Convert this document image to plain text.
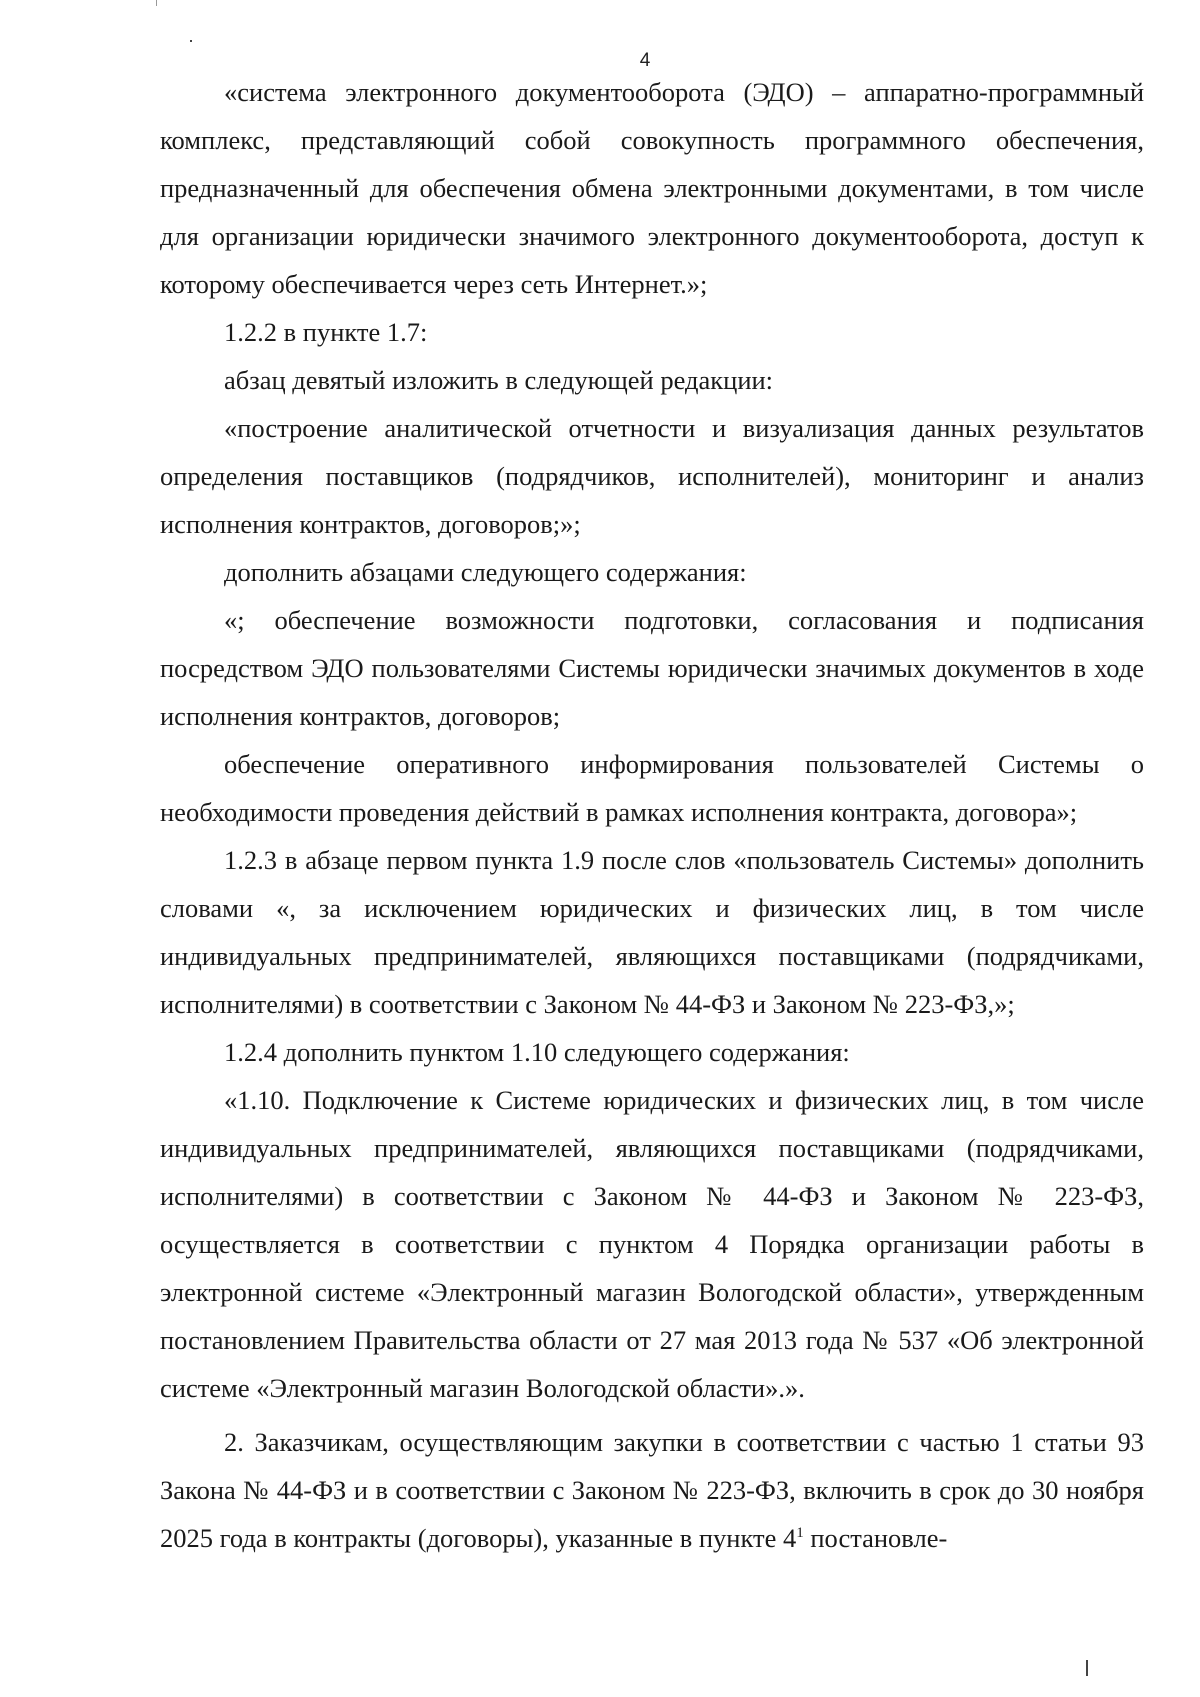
4

«система электронного документооборота (ЭДО) – аппаратно-программный комплекс, представляющий собой совокупность программного обеспечения, предназначенный для обеспечения обмена электронными документами, в том числе для организации юридически значимого электронного документооборота, доступ к которому обеспечивается через сеть Интернет.»;

1.2.2 в пункте 1.7:

абзац девятый изложить в следующей редакции:

«построение аналитической отчетности и визуализация данных результатов определения поставщиков (подрядчиков, исполнителей), мониторинг и анализ исполнения контрактов, договоров;»;

дополнить абзацами следующего содержания:

«; обеспечение возможности подготовки, согласования и подписания посредством ЭДО пользователями Системы юридически значимых документов в ходе исполнения контрактов, договоров;

обеспечение оперативного информирования пользователей Системы о необходимости проведения действий в рамках исполнения контракта, договора»;

1.2.3 в абзаце первом пункта 1.9 после слов «пользователь Системы» дополнить словами «, за исключением юридических и физических лиц, в том числе индивидуальных предпринимателей, являющихся поставщиками (подрядчиками, исполнителями) в соответствии с Законом № 44-ФЗ и Законом № 223-ФЗ,»;

1.2.4 дополнить пунктом 1.10 следующего содержания:

«1.10. Подключение к Системе юридических и физических лиц, в том числе индивидуальных предпринимателей, являющихся поставщиками (подрядчиками, исполнителями) в соответствии с Законом № 44-ФЗ и Законом № 223-ФЗ, осуществляется в соответствии с пунктом 4 Порядка организации работы в электронной системе «Электронный магазин Вологодской области», утвержденным постановлением Правительства области от 27 мая 2013 года № 537 «Об электронной системе «Электронный магазин Вологодской области».».

2. Заказчикам, осуществляющим закупки в соответствии с частью 1 статьи 93 Закона № 44-ФЗ и в соответствии с Законом № 223-ФЗ, включить в срок до 30 ноября 2025 года в контракты (договоры), указанные в пункте $4^1$ постановле-
